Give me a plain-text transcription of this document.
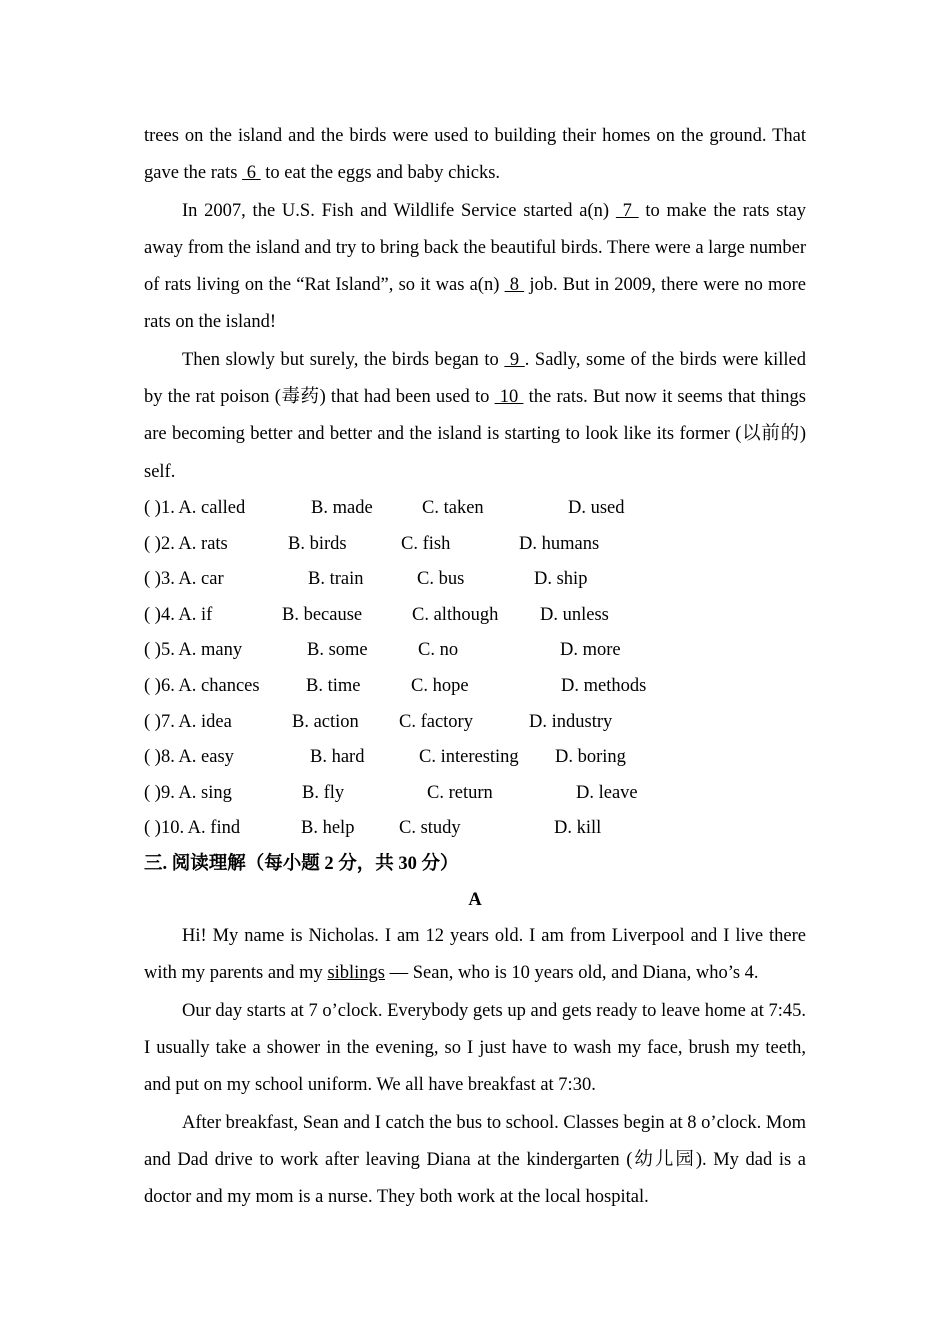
trees on the island and the birds were used to building their homes on the ground. That gave the rats  6  to eat the eggs and baby chicks.

In 2007, the U.S. Fish and Wildlife Service started a(n)  7  to make the rats stay away from the island and try to bring back the beautiful birds. There were a large number of rats living on the “Rat Island”, so it was a(n)  8  job. But in 2009, there were no more rats on the island!

Then slowly but surely, the birds began to  9 . Sadly, some of the birds were killed by the rat poison (毒药) that had been used to  10  the rats. But now it seems that things are becoming better and better and the island is starting to look like its former (以前的) self.

( )1. A. called	B. made	C. taken	D. used
( )2. A. rats	B. birds	C. fish	D. humans
( )3. A. car	B. train	C. bus	D. ship
( )4. A. if	B. because	C. although D. unless
( )5. A. many	B. some	C. no	D. more
( )6. A. chances	B. time	C. hope	D. methods
( )7. A. idea	B. action C. factory	D. industry
( )8. A. easy	B. hard	C. interesting D. boring
( )9. A. sing	B. fly	C. return	D. leave
( )10. A. find	B. help C. study	D. kill

三. 阅读理解（每小题 2 分，共 30 分）

A

Hi! My name is Nicholas. I am 12 years old. I am from Liverpool and I live there with my parents and my siblings — Sean, who is 10 years old, and Diana, who’s 4.

Our day starts at 7 o’clock. Everybody gets up and gets ready to leave home at 7:45. I usually take a shower in the evening, so I just have to wash my face, brush my teeth, and put on my school uniform. We all have breakfast at 7:30.

After breakfast, Sean and I catch the bus to school. Classes begin at 8 o’clock. Mom and Dad drive to work after leaving Diana at the kindergarten (幼儿园). My dad is a doctor and my mom is a nurse. They both work at the local hospital.
